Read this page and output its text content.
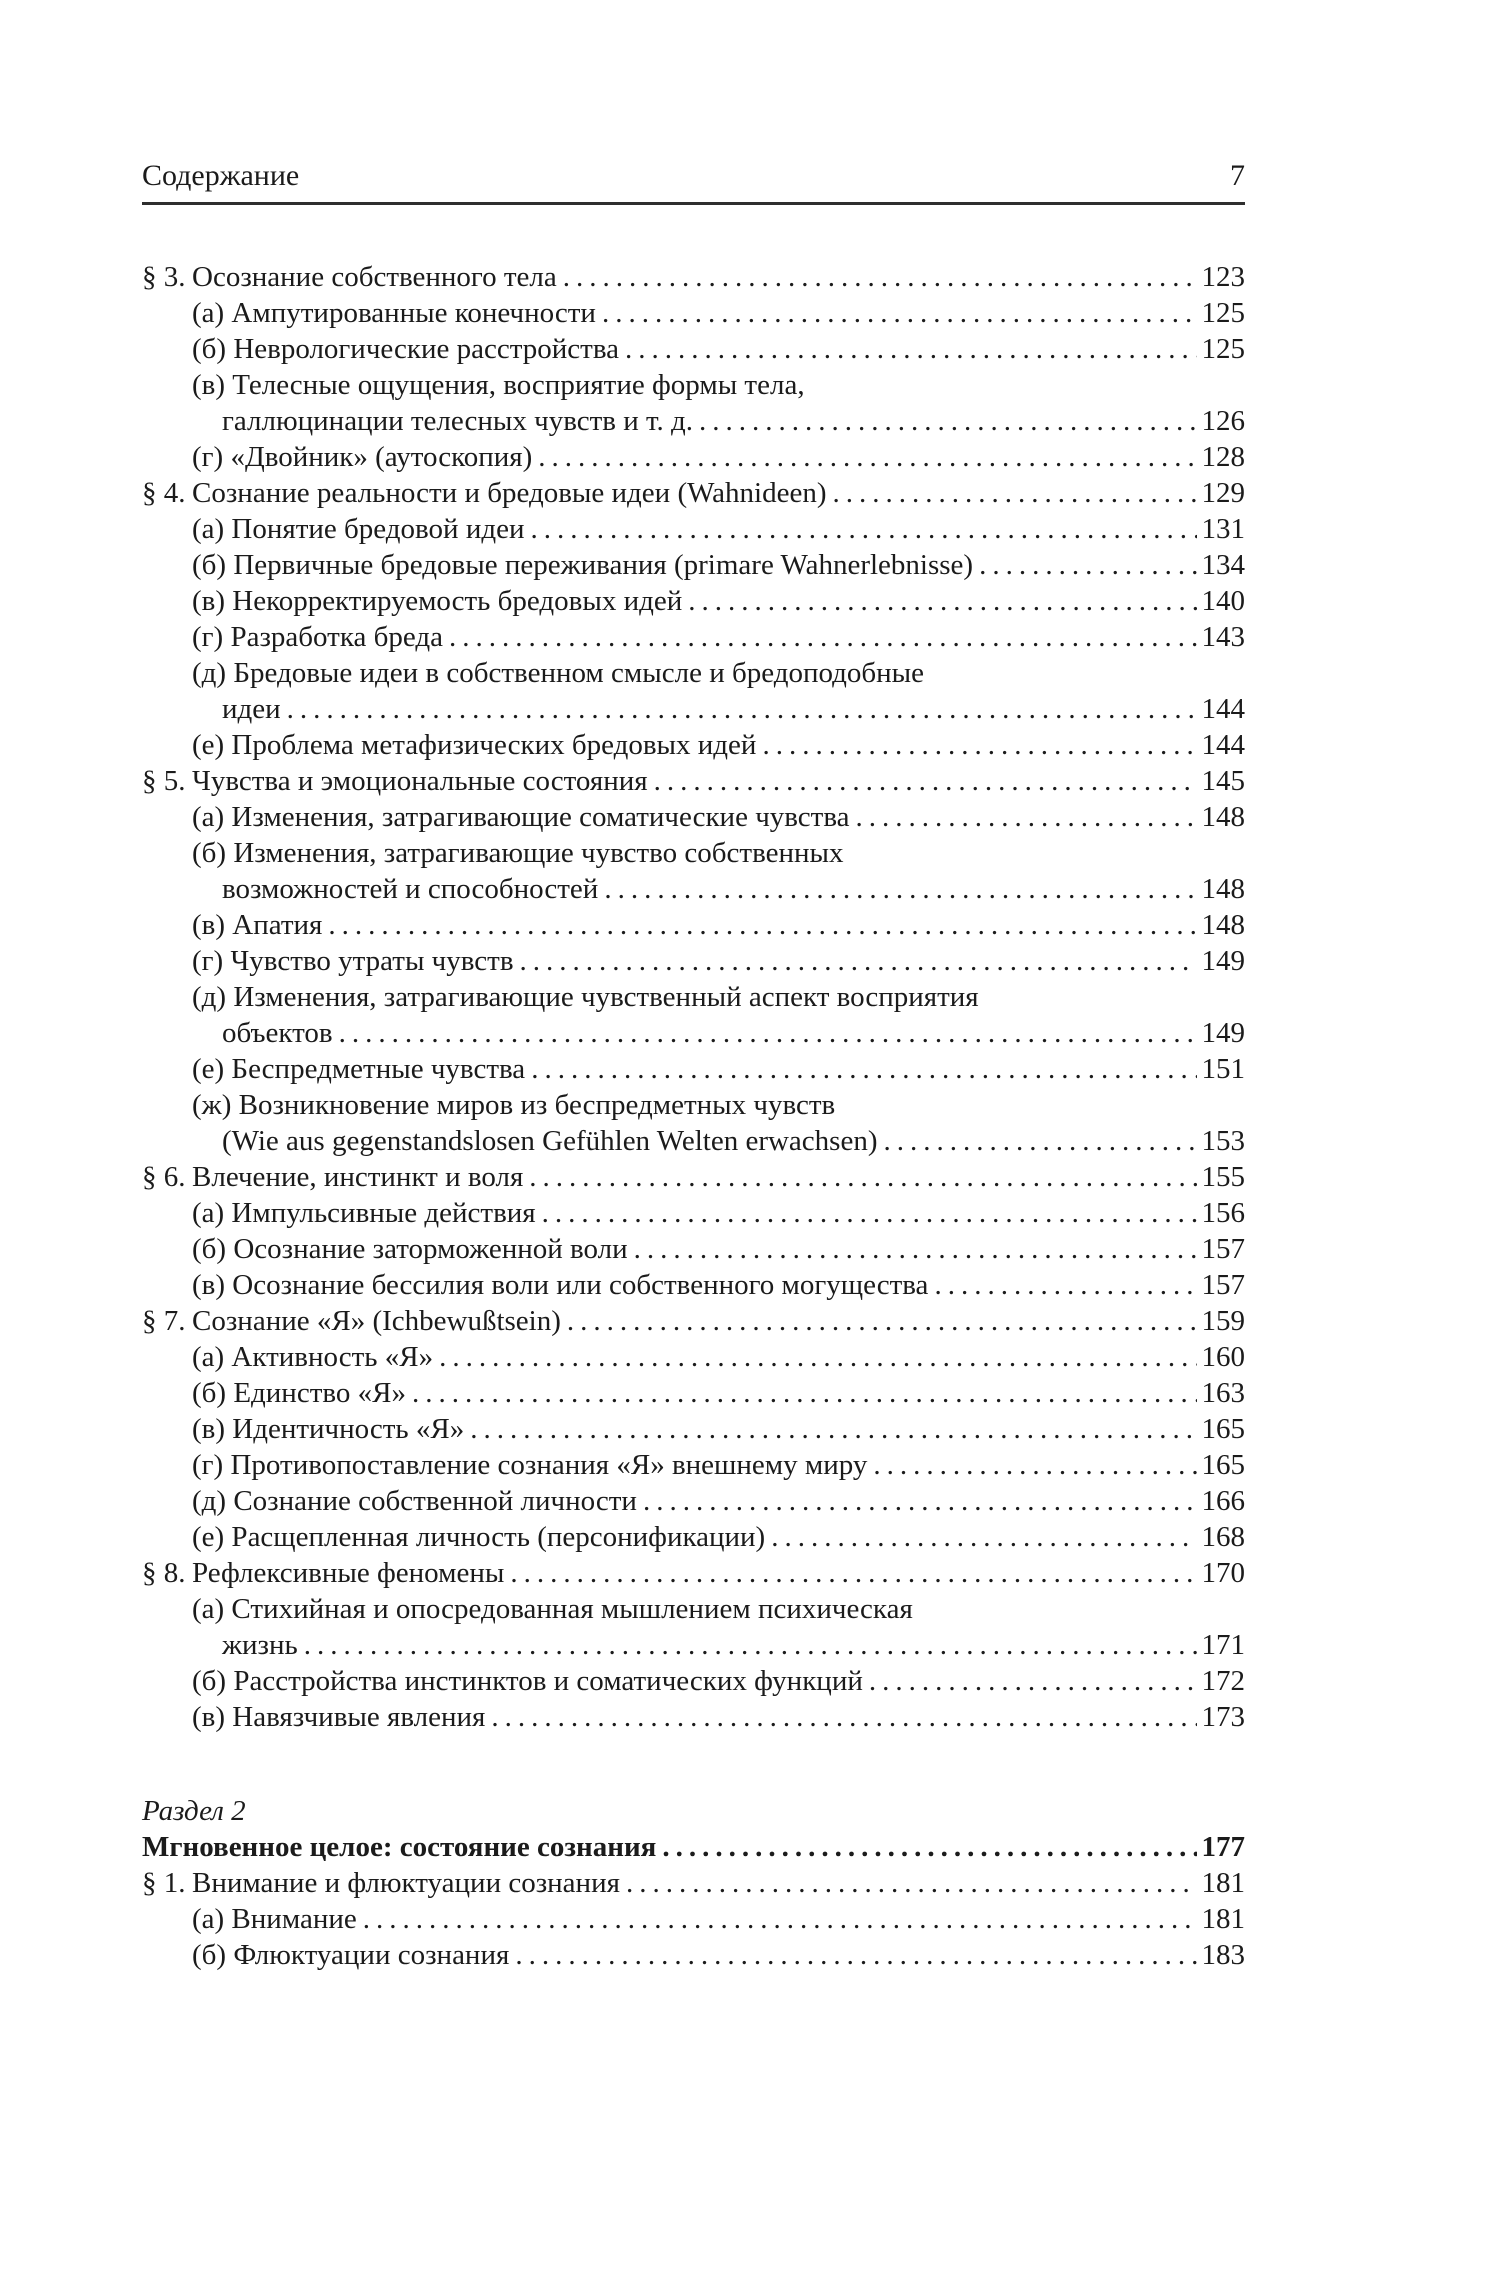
Содержание	7
§ 3. Осознание собственного тела .....	123
(а) Ампутированные конечности .....	125
(б) Неврологические расстройства .....	125
(в) Телесные ощущения, восприятие формы тела,
галлюцинации телесных чувств и т. д. .....	126
(г) «Двойник» (аутоскопия) .....	128
§ 4. Сознание реальности и бредовые идеи (Wahnideen) .....	129
(а) Понятие бредовой идеи .....	131
(б) Первичные бредовые переживания (primare Wahnerlebnisse) .....	134
(в) Некорректируемость бредовых идей .....	140
(г) Разработка бреда .....	143
(д) Бредовые идеи в собственном смысле и бредоподобные
идеи .....	144
(е) Проблема метафизических бредовых идей .....	144
§ 5. Чувства и эмоциональные состояния .....	145
(а) Изменения, затрагивающие соматические чувства .....	148
(б) Изменения, затрагивающие чувство собственных
возможностей и способностей .....	148
(в) Апатия .....	148
(г) Чувство утраты чувств .....	149
(д) Изменения, затрагивающие чувственный аспект восприятия
объектов .....	149
(е) Беспредметные чувства .....	151
(ж) Возникновение миров из беспредметных чувств
(Wie aus gegenstandslosen Gefühlen Welten erwachsen) .....	153
§ 6. Влечение, инстинкт и воля .....	155
(а) Импульсивные действия .....	156
(б) Осознание заторможенной воли .....	157
(в) Осознание бессилия воли или собственного могущества .....	157
§ 7. Сознание «Я» (Ichbewußtsein) .....	159
(а) Активность «Я» .....	160
(б) Единство «Я» .....	163
(в) Идентичность «Я» .....	165
(г) Противопоставление сознания «Я» внешнему миру .....	165
(д) Сознание собственной личности .....	166
(е) Расщепленная личность (персонификации) .....	168
§ 8. Рефлексивные феномены .....	170
(а) Стихийная и опосредованная мышлением психическая
жизнь .....	171
(б) Расстройства инстинктов и соматических функций .....	172
(в) Навязчивые явления .....	173
Раздел 2
Мгновенное целое: состояние сознания .....	177
§ 1. Внимание и флюктуации сознания .....	181
(а) Внимание .....	181
(б) Флюктуации сознания .....	183
